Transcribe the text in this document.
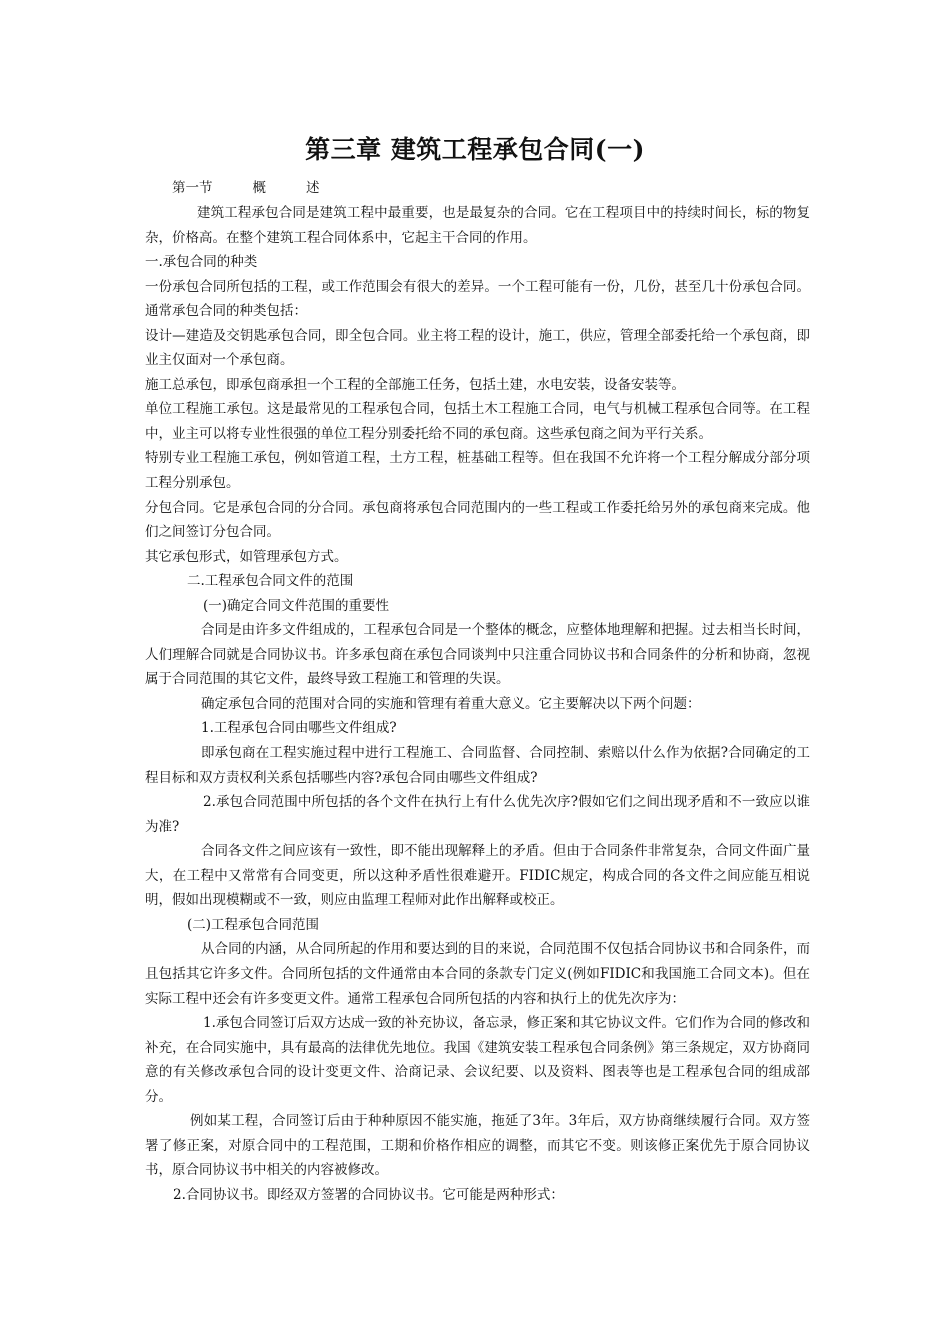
第三章 建筑工程承包合同(一)
第一节	概	述

建筑工程承包合同是建筑工程中最重要，也是最复杂的合同。它在工程项目中的持续时间长，标的物复杂，价格高。在整个建筑工程合同体系中，它起主干合同的作用。

一.承包合同的种类

一份承包合同所包括的工程，或工作范围会有很大的差异。一个工程可能有一份，几份，甚至几十份承包合同。通常承包合同的种类包括：

设计—建造及交钥匙承包合同，即全包合同。业主将工程的设计，施工，供应，管理全部委托给一个承包商，即业主仅面对一个承包商。

施工总承包，即承包商承担一个工程的全部施工任务，包括土建，水电安装，设备安装等。

单位工程施工承包。这是最常见的工程承包合同，包括土木工程施工合同，电气与机械工程承包合同等。在工程中，业主可以将专业性很强的单位工程分别委托给不同的承包商。这些承包商之间为平行关系。

特别专业工程施工承包，例如管道工程，土方工程，桩基础工程等。但在我国不允许将一个工程分解成分部分项工程分别承包。

分包合同。它是承包合同的分合同。承包商将承包合同范围内的一些工程或工作委托给另外的承包商来完成。他们之间签订分包合同。

其它承包形式，如管理承包方式。

二.工程承包合同文件的范围

(一)确定合同文件范围的重要性

合同是由许多文件组成的，工程承包合同是一个整体的概念，应整体地理解和把握。过去相当长时间，人们理解合同就是合同协议书。许多承包商在承包合同谈判中只注重合同协议书和合同条件的分析和协商，忽视属于合同范围的其它文件，最终导致工程施工和管理的失误。

确定承包合同的范围对合同的实施和管理有着重大意义。它主要解决以下两个问题：

1.工程承包合同由哪些文件组成?

即承包商在工程实施过程中进行工程施工、合同监督、合同控制、索赔以什么作为依据?合同确定的工程目标和双方责权利关系包括哪些内容?承包合同由哪些文件组成?

2.承包合同范围中所包括的各个文件在执行上有什么优先次序?假如它们之间出现矛盾和不一致应以谁为准?

合同各文件之间应该有一致性，即不能出现解释上的矛盾。但由于合同条件非常复杂，合同文件面广量大，在工程中又常常有合同变更，所以这种矛盾性很难避开。FIDIC规定，构成合同的各文件之间应能互相说明，假如出现模糊或不一致，则应由监理工程师对此作出解释或校正。

(二)工程承包合同范围

从合同的内涵，从合同所起的作用和要达到的目的来说，合同范围不仅包括合同协议书和合同条件，而且包括其它许多文件。合同所包括的文件通常由本合同的条款专门定义(例如FIDIC和我国施工合同文本)。但在实际工程中还会有许多变更文件。通常工程承包合同所包括的内容和执行上的优先次序为：

1.承包合同签订后双方达成一致的补充协议，备忘录，修正案和其它协议文件。它们作为合同的修改和补充，在合同实施中，具有最高的法律优先地位。我国《建筑安装工程承包合同条例》第三条规定，双方协商同意的有关修改承包合同的设计变更文件、洽商记录、会议纪要、以及资料、图表等也是工程承包合同的组成部分。

例如某工程，合同签订后由于种种原因不能实施，拖延了3年。3年后，双方协商继续履行合同。双方签署了修正案，对原合同中的工程范围，工期和价格作相应的调整，而其它不变。则该修正案优先于原合同协议书，原合同协议书中相关的内容被修改。

2.合同协议书。即经双方签署的合同协议书。它可能是两种形式：
